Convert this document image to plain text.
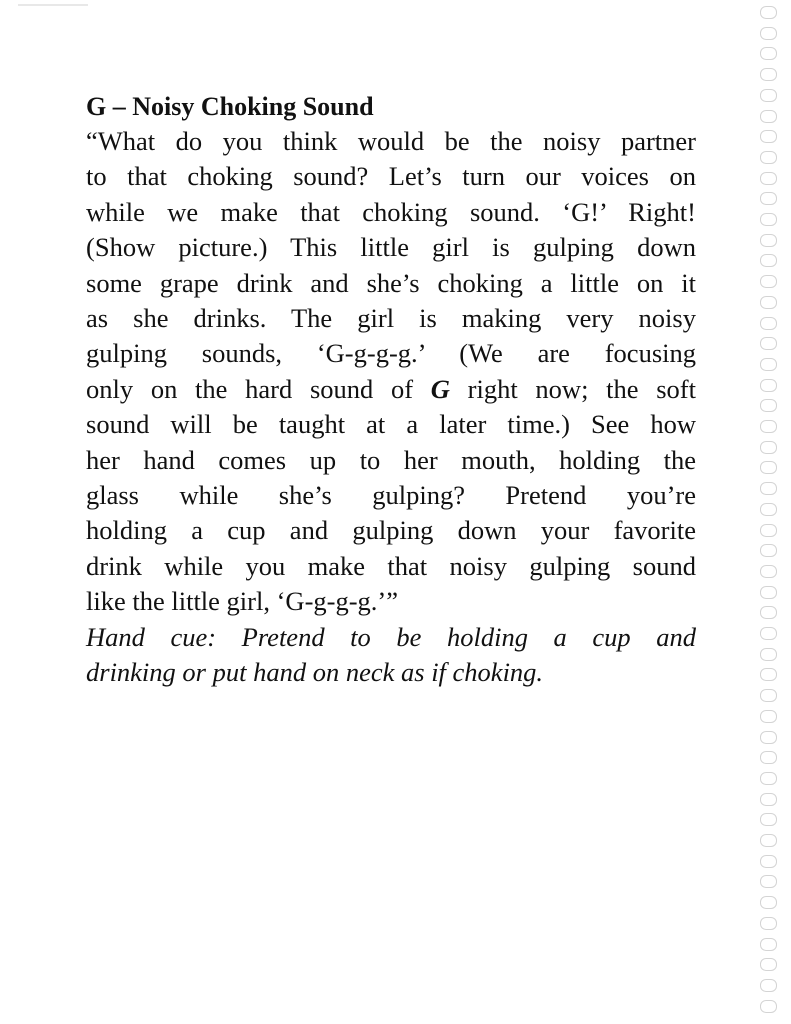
G – Noisy Choking Sound
“What do you think would be the noisy partner
to that choking sound? Let’s turn our voices on
while we make that choking sound. ‘G!’ Right!
(Show picture.) This little girl is gulping down
some grape drink and she’s choking a little on it
as she drinks. The girl is making very noisy
gulping sounds, ‘G-g-g-g.’ (We are focusing
only on the hard sound of G right now; the soft
sound will be taught at a later time.) See how
her hand comes up to her mouth, holding the
glass while she’s gulping? Pretend you’re
holding a cup and gulping down your favorite
drink while you make that noisy gulping sound
like the little girl, ‘G-g-g-g.’”
Hand cue: Pretend to be holding a cup and
drinking or put hand on neck as if choking.
